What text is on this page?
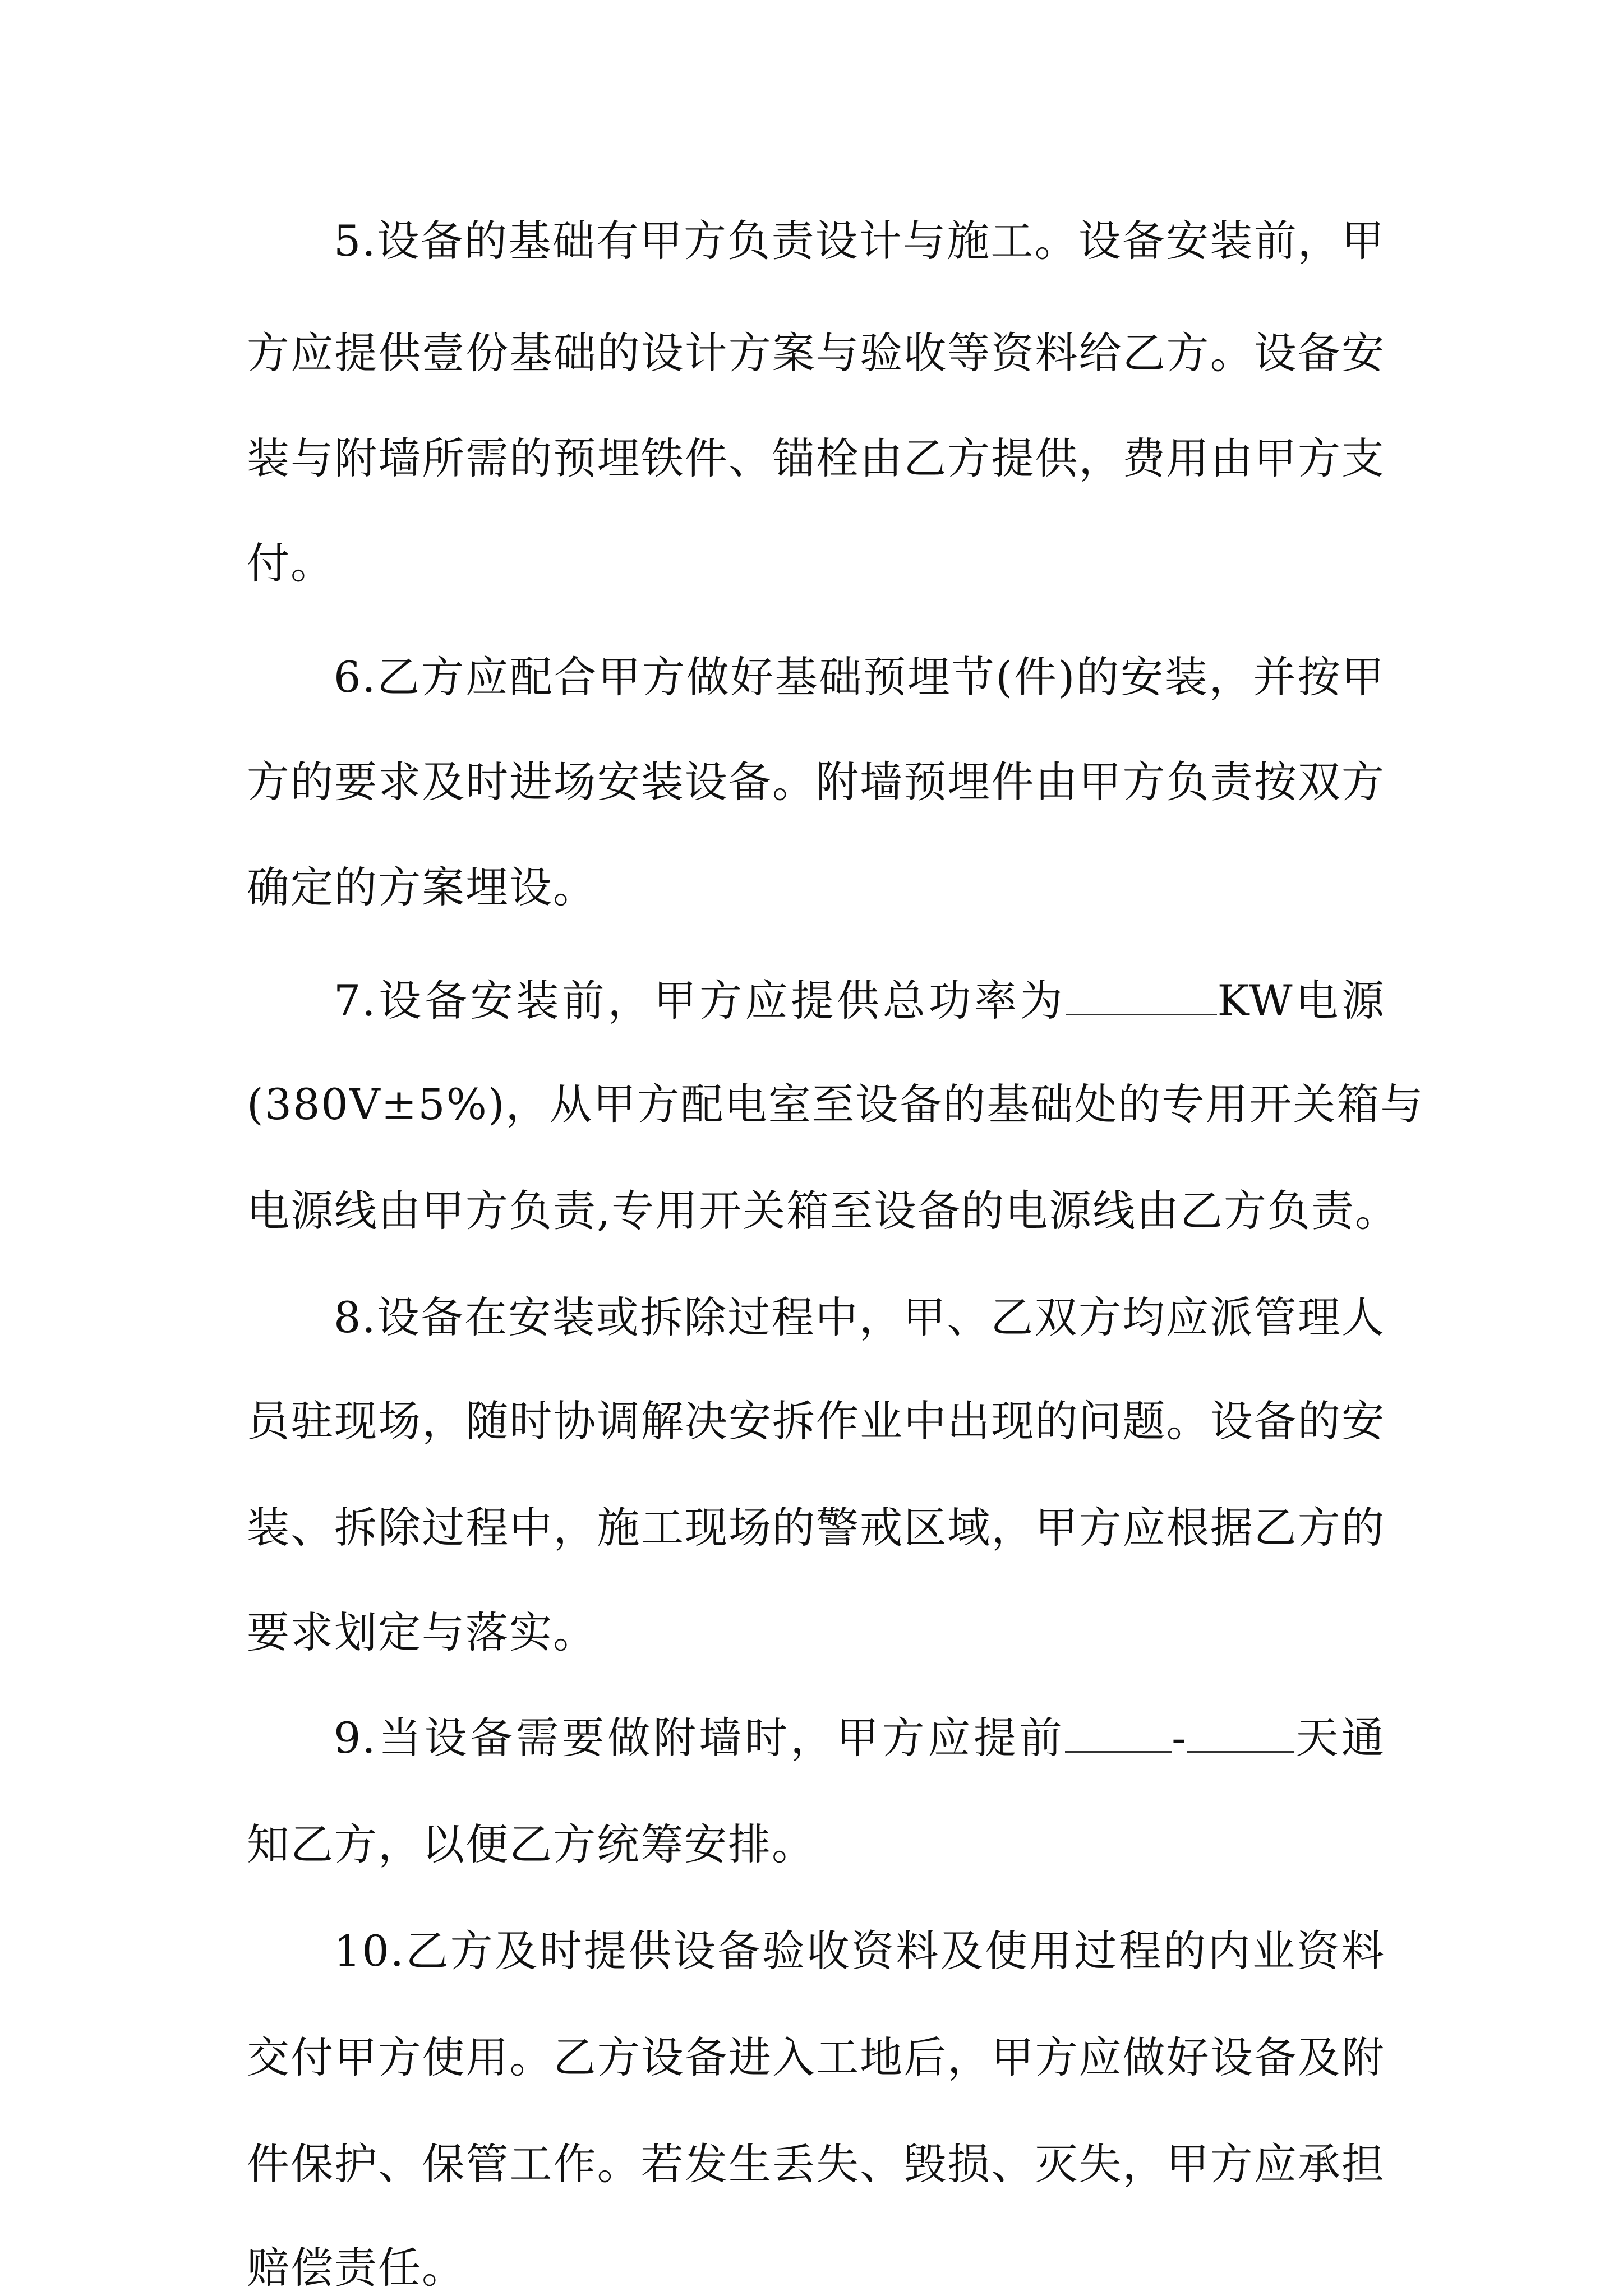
5.设备的基础有甲方负责设计与施工。设备安装前，甲
方应提供壹份基础的设计方案与验收等资料给乙方。设备安
装与附墙所需的预埋铁件、锚栓由乙方提供，费用由甲方支
付。
6.乙方应配合甲方做好基础预埋节(件)的安装，并按甲
方的要求及时进场安装设备。附墙预埋件由甲方负责按双方
确定的方案埋设。
7.设备安装前，甲方应提供总功率为	KW电源
(380V±5%)，从甲方配电室至设备的基础处的专用开关箱与
电源线由甲方负责,专用开关箱至设备的电源线由乙方负责。
8.设备在安装或拆除过程中，甲、乙双方均应派管理人
员驻现场，随时协调解决安拆作业中出现的问题。设备的安
装、拆除过程中，施工现场的警戒区域，甲方应根据乙方的
要求划定与落实。
9.当设备需要做附墙时，甲方应提前	-	天通
知乙方，以便乙方统筹安排。
10.乙方及时提供设备验收资料及使用过程的内业资料
交付甲方使用。乙方设备进入工地后，甲方应做好设备及附
件保护、保管工作。若发生丢失、毁损、灭失，甲方应承担
赔偿责任。
